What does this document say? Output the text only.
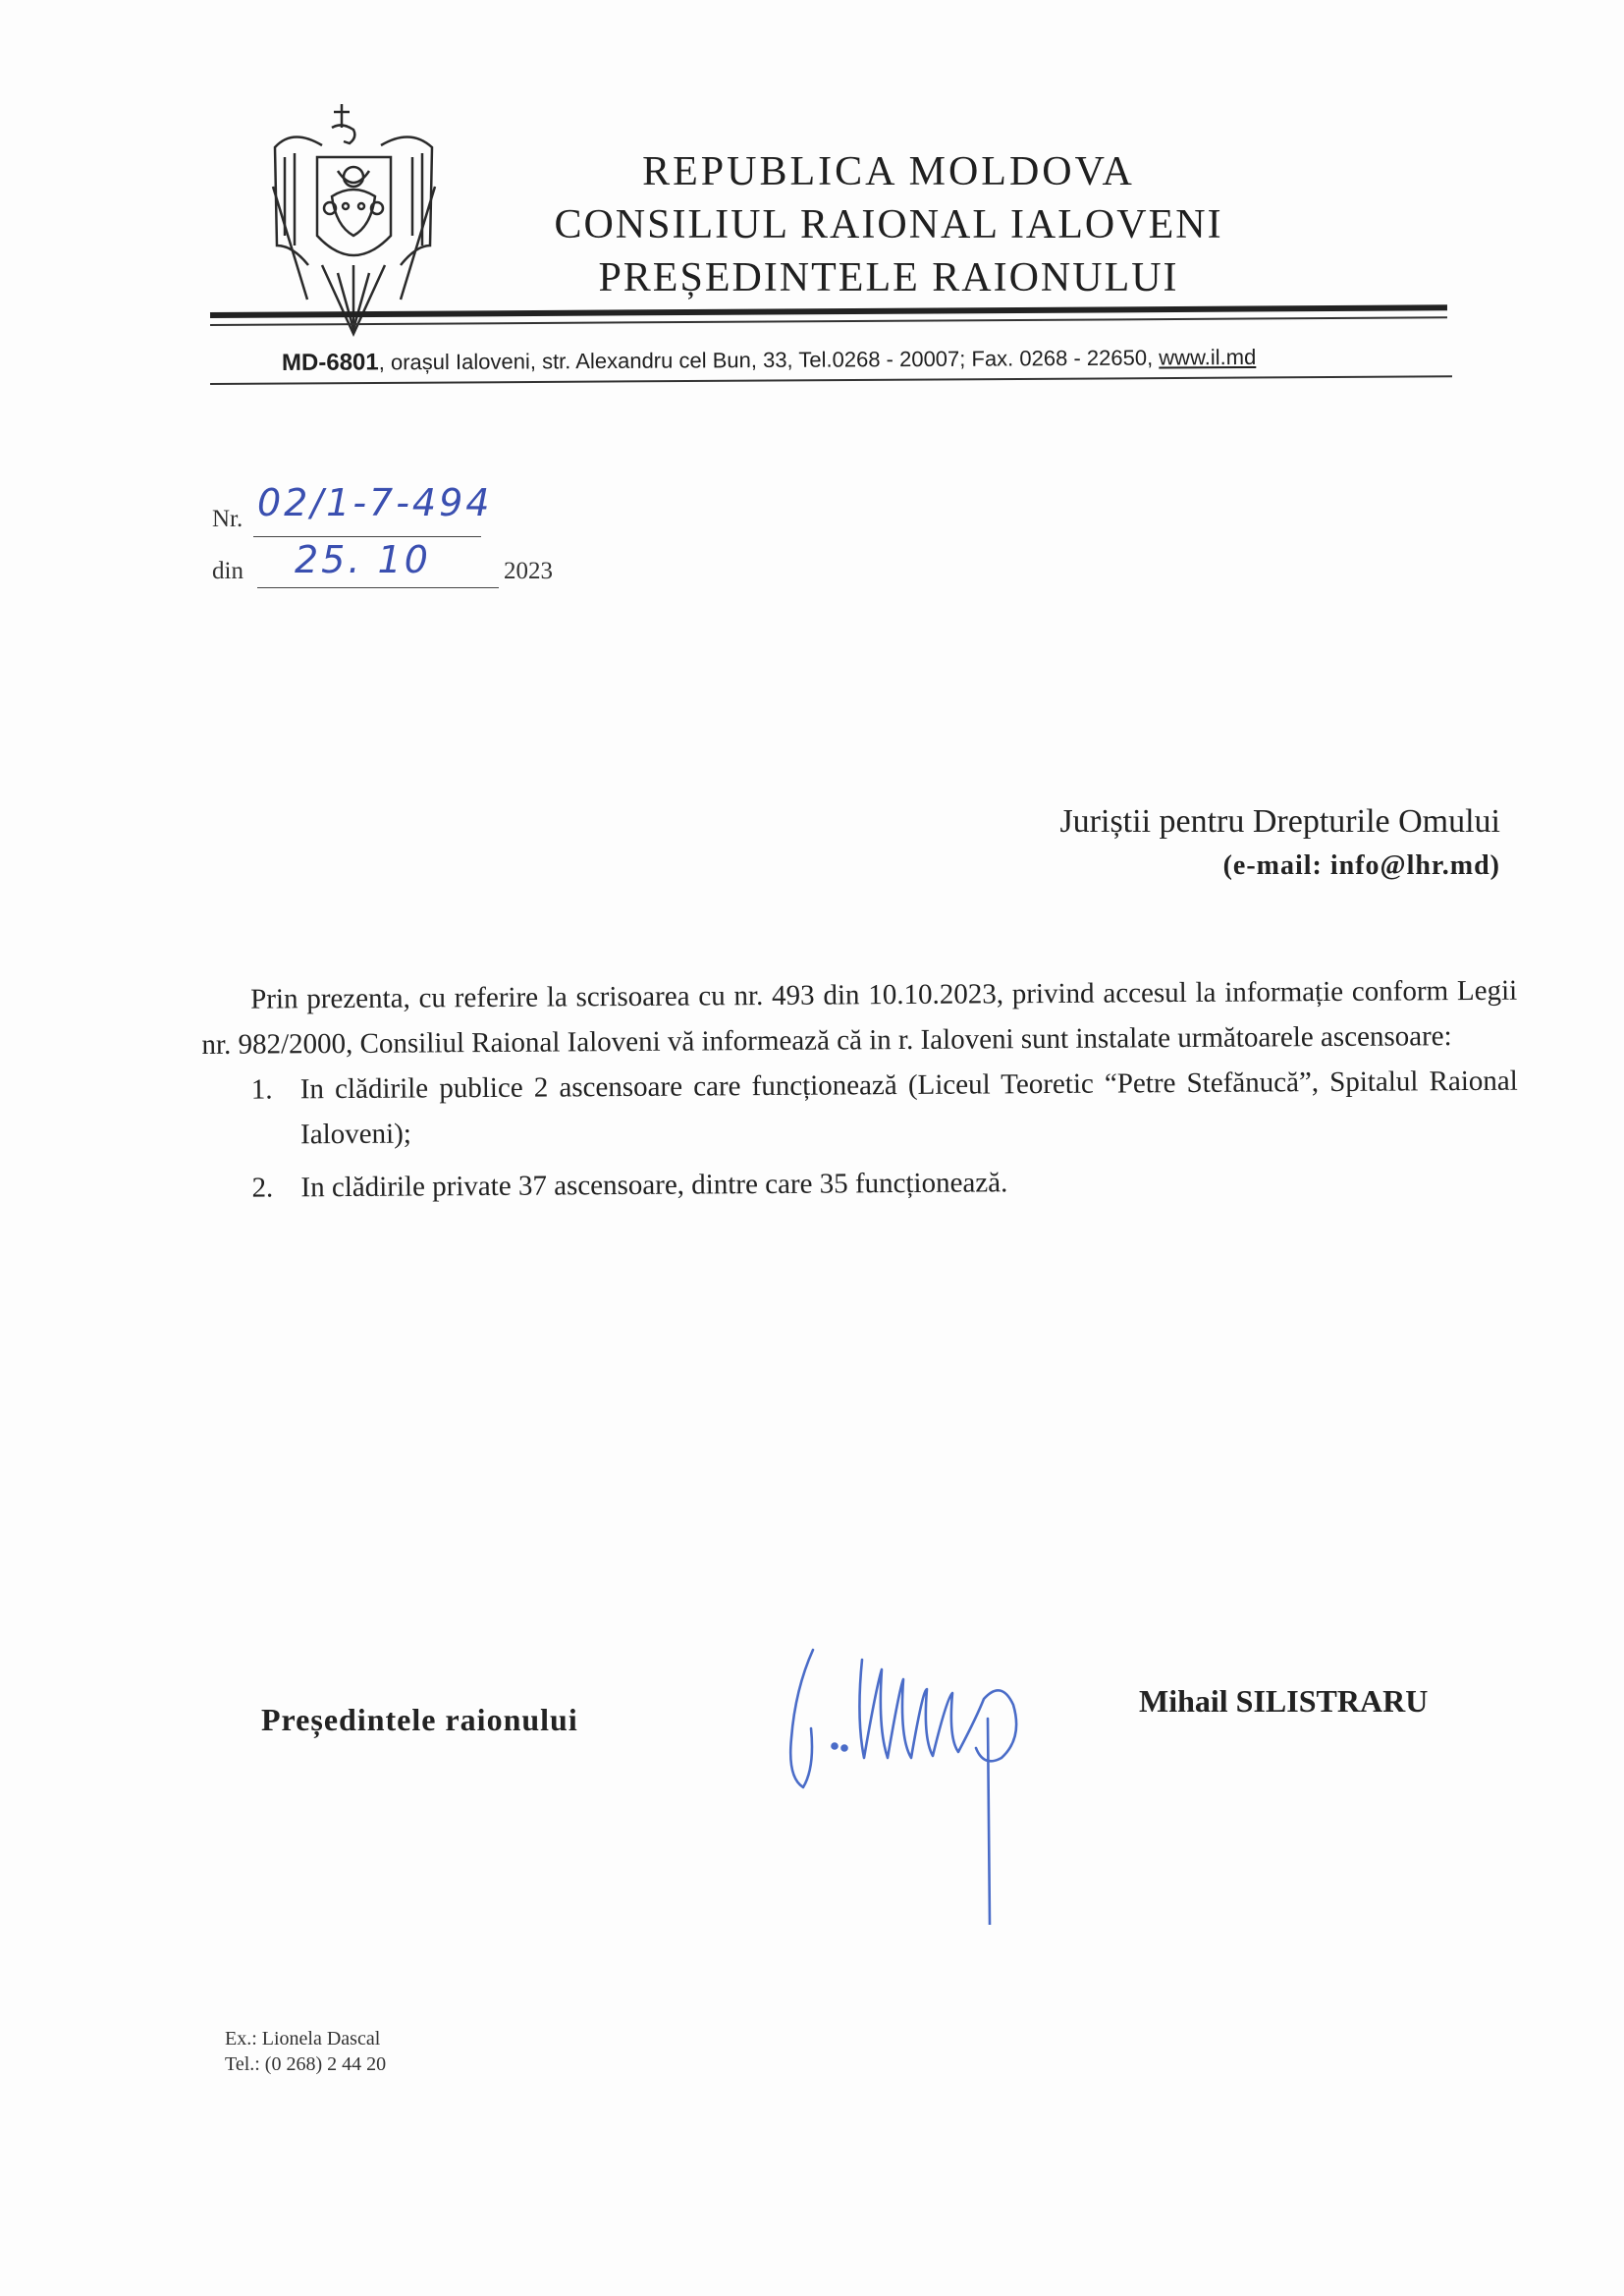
REPUBLICA MOLDOVA
CONSILIUL RAIONAL IALOVENI
PREȘEDINTELE RAIONULUI
MD-6801, orașul Ialoveni, str. Alexandru cel Bun, 33, Tel.0268 - 20007; Fax. 0268 - 22650, www.il.md
Nr. 02/1-7-494
din 25. 10	2023
Juriștii pentru Drepturile Omului
(e-mail: info@lhr.md)

Prin prezenta, cu referire la scrisoarea cu nr. 493 din 10.10.2023, privind accesul la informație conform Legii nr. 982/2000, Consiliul Raional Ialoveni vă informează că in r. Ialoveni sunt instalate următoarele ascensoare:

1. In clădirile publice 2 ascensoare care funcționează (Liceul Teoretic “Petre Stefănucă”, Spitalul Raional Ialoveni);
2. In clădirile private 37 ascensoare, dintre care 35 funcționează.
Președintele raionului
Mihail SILISTRARU
Ex.: Lionela Dascal
Tel.: (0 268) 2 44 20
